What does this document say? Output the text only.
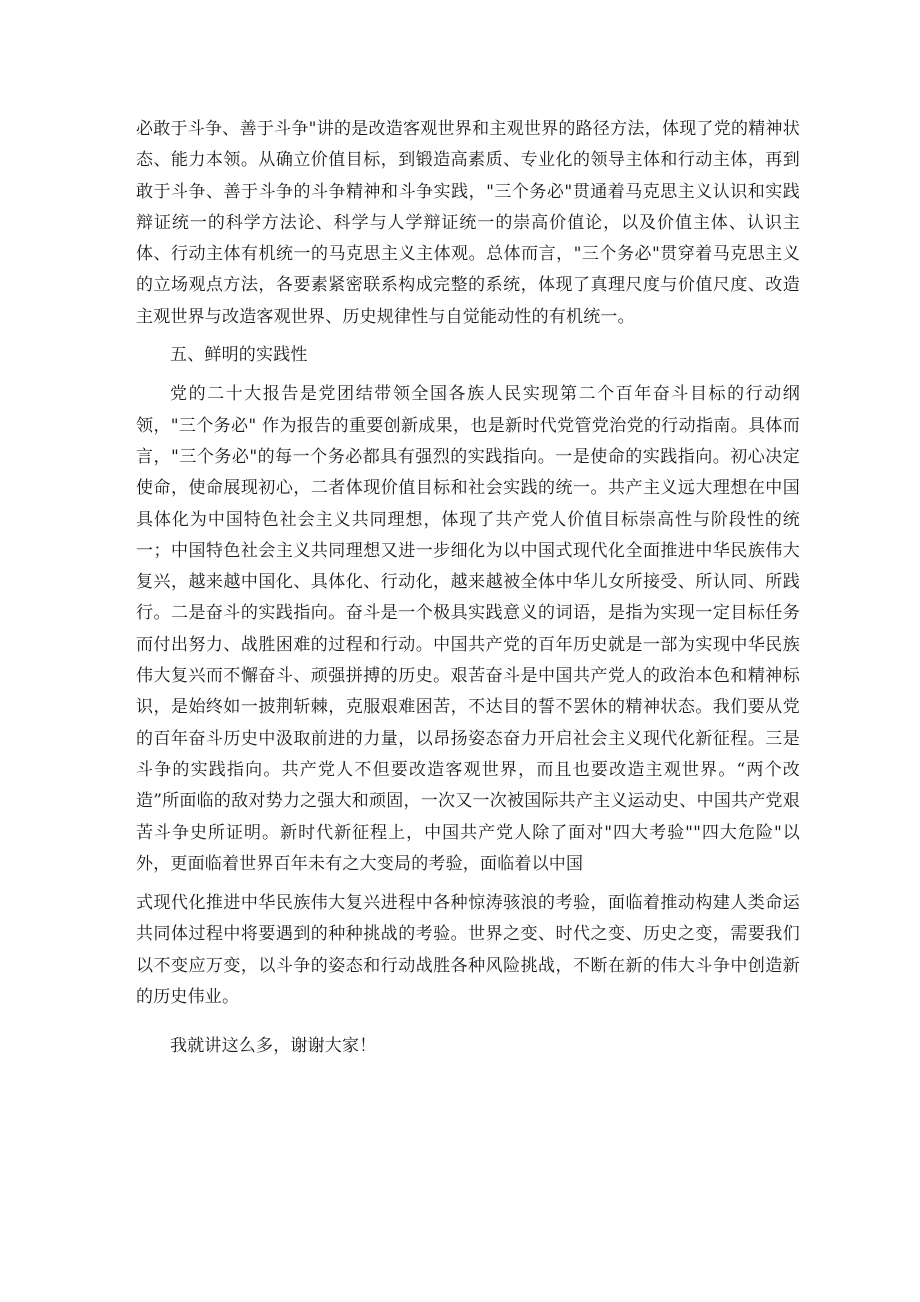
必敢于斗争、善于斗争"讲的是改造客观世界和主观世界的路径方法，体现了党的精神状态、能力本领。从确立价值目标，到锻造高素质、专业化的领导主体和行动主体，再到敢于斗争、善于斗争的斗争精神和斗争实践，"三个务必"贯通着马克思主义认识和实践辩证统一的科学方法论、科学与人学辩证统一的崇高价值论，以及价值主体、认识主体、行动主体有机统一的马克思主义主体观。总体而言，"三个务必"贯穿着马克思主义的立场观点方法，各要素紧密联系构成完整的系统，体现了真理尺度与价值尺度、改造主观世界与改造客观世界、历史规律性与自觉能动性的有机统一。

五、鲜明的实践性

党的二十大报告是党团结带领全国各族人民实现第二个百年奋斗目标的行动纲领，"三个务必" 作为报告的重要创新成果，也是新时代党管党治党的行动指南。具体而言，"三个务必"的每一个务必都具有强烈的实践指向。一是使命的实践指向。初心决定使命，使命展现初心，二者体现价值目标和社会实践的统一。共产主义远大理想在中国具体化为中国特色社会主义共同理想，体现了共产党人价值目标崇高性与阶段性的统一；中国特色社会主义共同理想又进一步细化为以中国式现代化全面推进中华民族伟大复兴，越来越中国化、具体化、行动化，越来越被全体中华儿女所接受、所认同、所践行。二是奋斗的实践指向。奋斗是一个极具实践意义的词语，是指为实现一定目标任务而付出努力、战胜困难的过程和行动。中国共产党的百年历史就是一部为实现中华民族伟大复兴而不懈奋斗、顽强拼搏的历史。艰苦奋斗是中国共产党人的政治本色和精神标识，是始终如一披荆斩棘，克服艰难困苦，不达目的誓不罢休的精神状态。我们要从党的百年奋斗历史中汲取前进的力量，以昂扬姿态奋力开启社会主义现代化新征程。三是斗争的实践指向。共产党人不但要改造客观世界，而且也要改造主观世界。“两个改造”所面临的敌对势力之强大和顽固，一次又一次被国际共产主义运动史、中国共产党艰苦斗争史所证明。新时代新征程上，中国共产党人除了面对"四大考验""四大危险"以外，更面临着世界百年未有之大变局的考验，面临着以中国

式现代化推进中华民族伟大复兴进程中各种惊涛骇浪的考验，面临着推动构建人类命运共同体过程中将要遇到的种种挑战的考验。世界之变、时代之变、历史之变，需要我们以不变应万变，以斗争的姿态和行动战胜各种风险挑战，不断在新的伟大斗争中创造新的历史伟业。

我就讲这么多，谢谢大家！
